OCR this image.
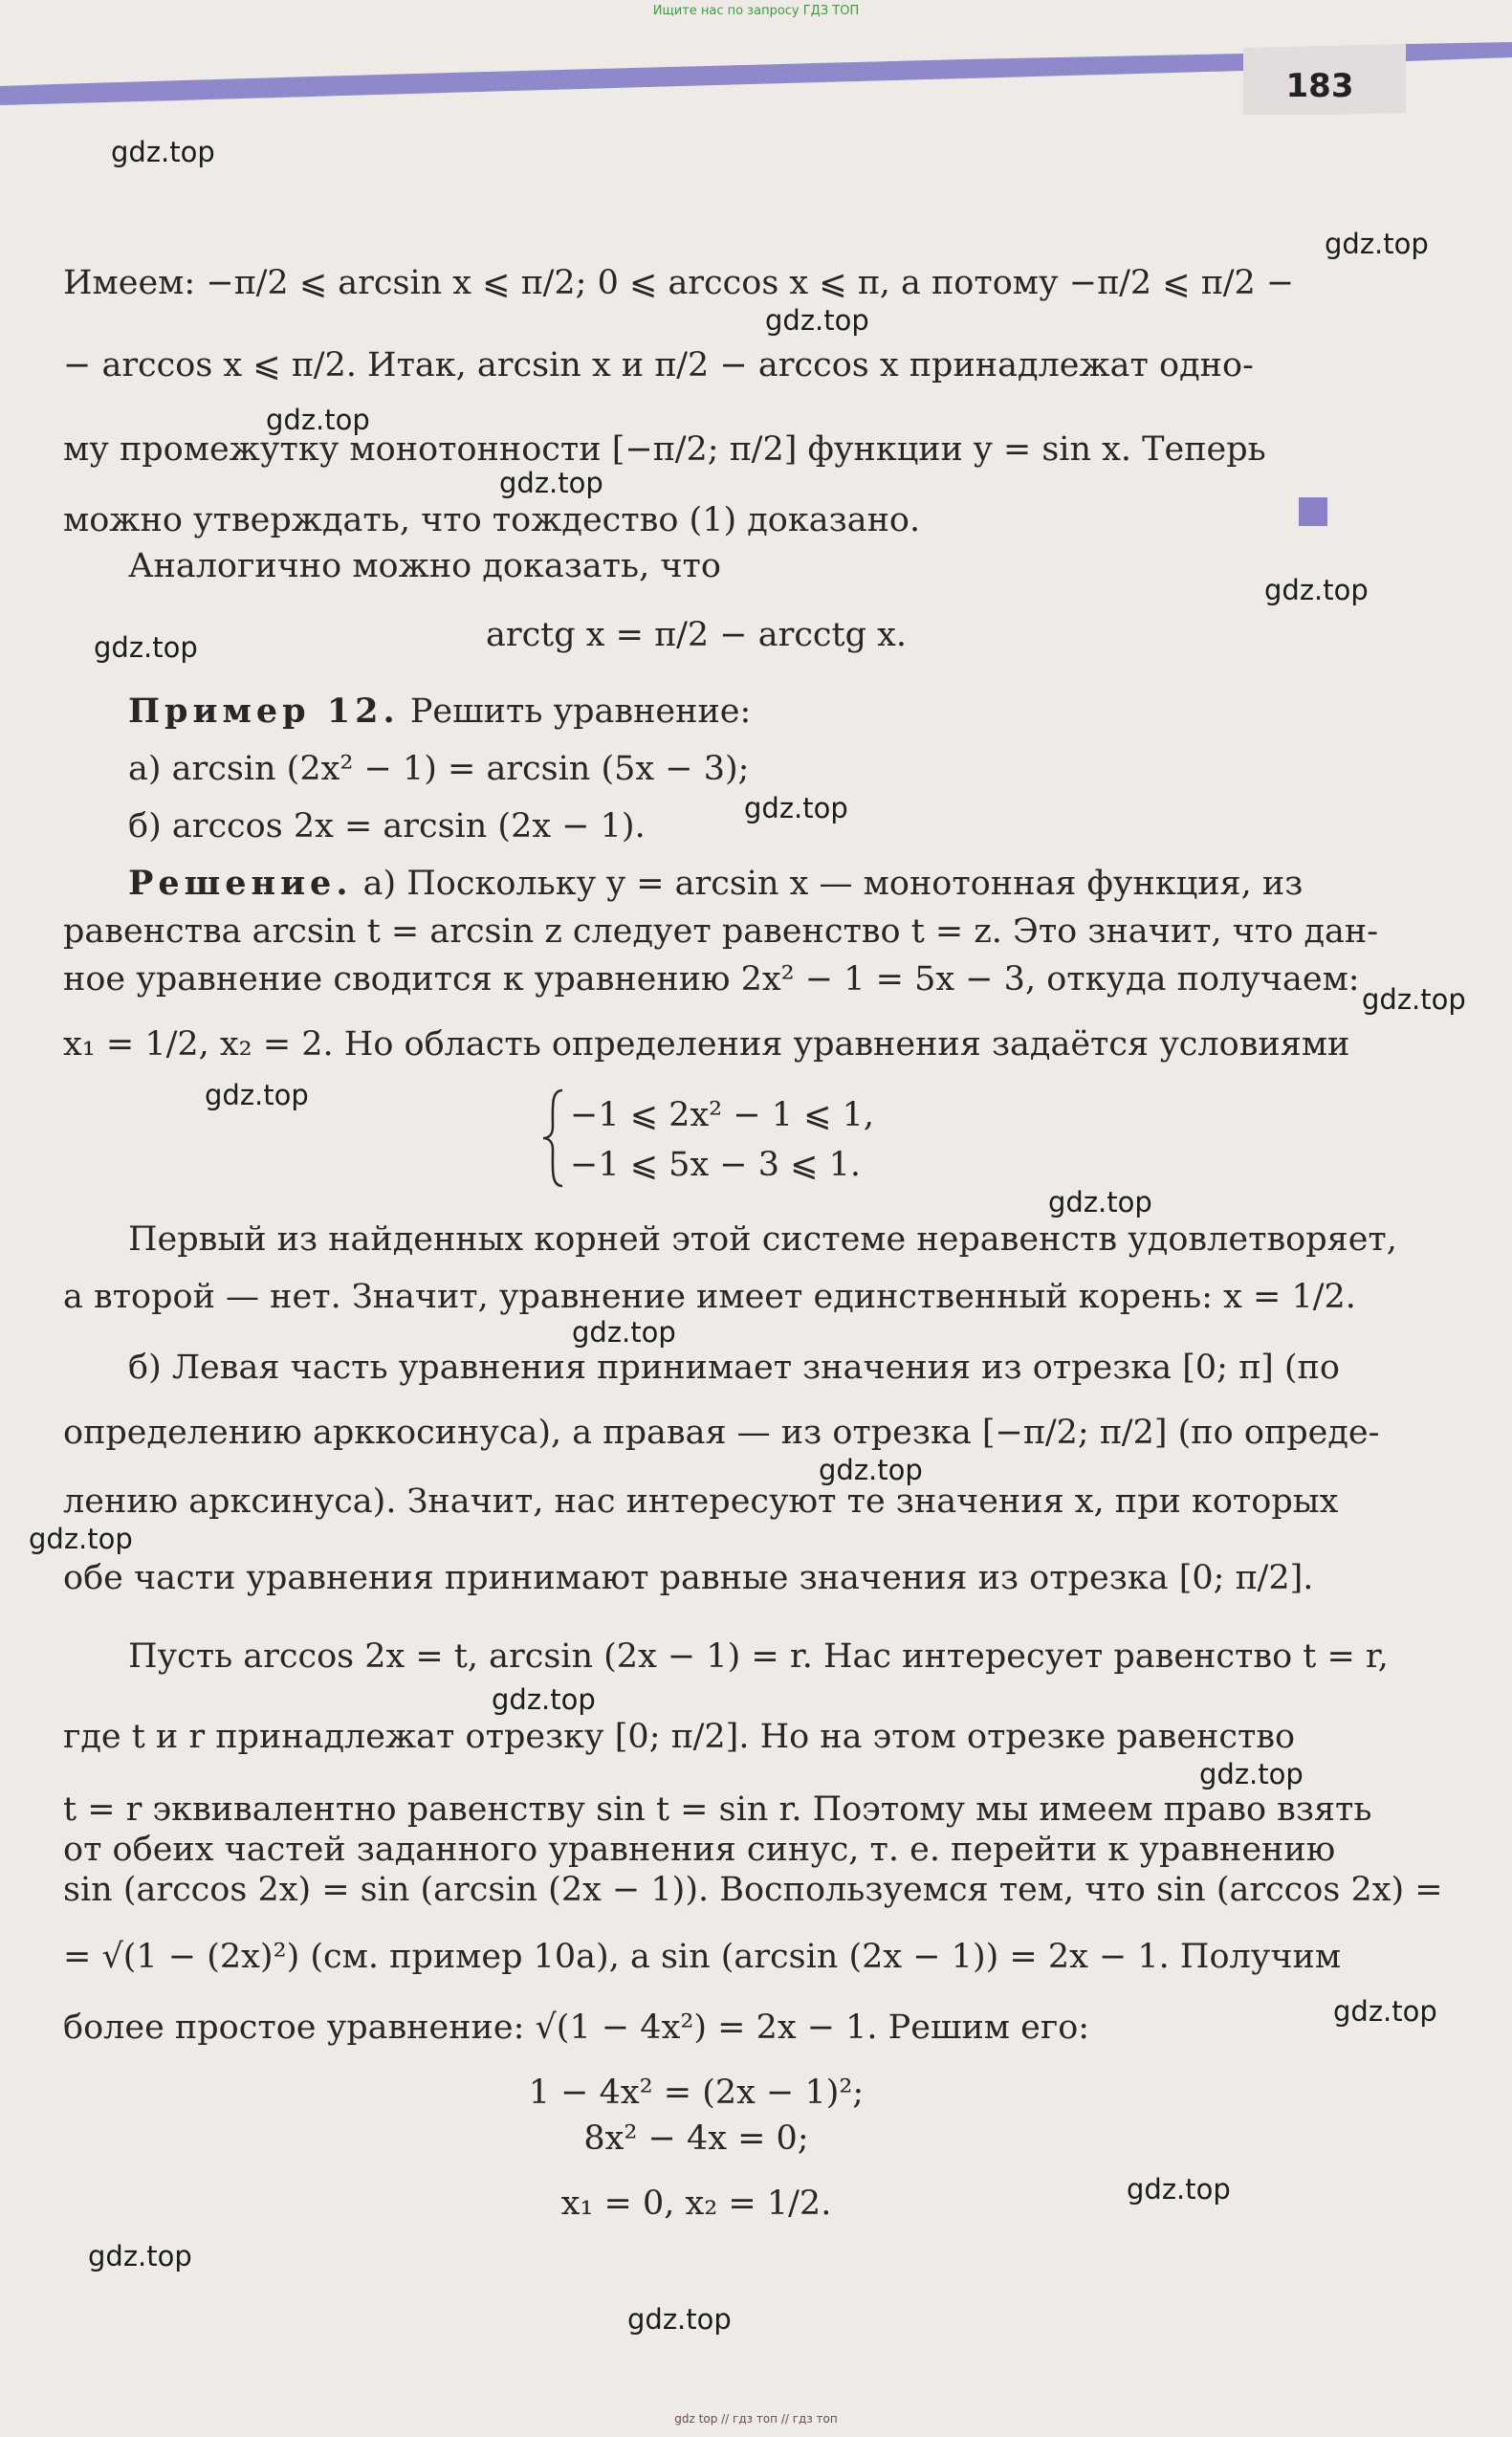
Ищите нас по запросу ГДЗ ТОП
183
Имеем: −π/2 ⩽ arcsin x ⩽ π/2; 0 ⩽ arccos x ⩽ π, а потому −π/2 ⩽ π/2 −
− arccos x ⩽ π/2. Итак, arcsin x и π/2 − arccos x принадлежат одно-
му промежутку монотонности [−π/2; π/2] функции y = sin x. Теперь
можно утверждать, что тождество (1) доказано.
Аналогично можно доказать, что
arctg x = π/2 − arcctg x.
Пример 12. Решить уравнение:
а) arcsin (2x² − 1) = arcsin (5x − 3);
б) arccos 2x = arcsin (2x − 1).
Решение. а) Поскольку y = arcsin x — монотонная функция, из
равенства arcsin t = arcsin z следует равенство t = z. Это значит, что дан-
ное уравнение сводится к уравнению 2x² − 1 = 5x − 3, откуда получаем:
x₁ = 1/2, x₂ = 2. Но область определения уравнения задаётся условиями
−1 ⩽ 2x² − 1 ⩽ 1,
−1 ⩽ 5x − 3 ⩽ 1.
Первый из найденных корней этой системе неравенств удовлетворяет,
а второй — нет. Значит, уравнение имеет единственный корень: x = 1/2.
б) Левая часть уравнения принимает значения из отрезка [0; π] (по
определению арккосинуса), а правая — из отрезка [−π/2; π/2] (по опреде-
лению арксинуса). Значит, нас интересуют те значения x, при которых
обе части уравнения принимают равные значения из отрезка [0; π/2].
Пусть arccos 2x = t, arcsin (2x − 1) = r. Нас интересует равенство t = r,
где t и r принадлежат отрезку [0; π/2]. Но на этом отрезке равенство
t = r эквивалентно равенству sin t = sin r. Поэтому мы имеем право взять
от обеих частей заданного уравнения синус, т. е. перейти к уравнению
sin (arccos 2x) = sin (arcsin (2x − 1)). Воспользуемся тем, что sin (arccos 2x) =
= √(1 − (2x)²) (см. пример 10а), а sin (arcsin (2x − 1)) = 2x − 1. Получим
более простое уравнение: √(1 − 4x²) = 2x − 1. Решим его:
1 − 4x² = (2x − 1)²;
8x² − 4x = 0;
x₁ = 0, x₂ = 1/2.
gdz.top
gdz.top
gdz.top
gdz.top
gdz.top
gdz.top
gdz.top
gdz.top
gdz.top
gdz.top
gdz.top
gdz.top
gdz.top
gdz.top
gdz.top
gdz.top
gdz.top
gdz.top
gdz.top
gdz.top
gdz top // гдз топ // гдз топ
